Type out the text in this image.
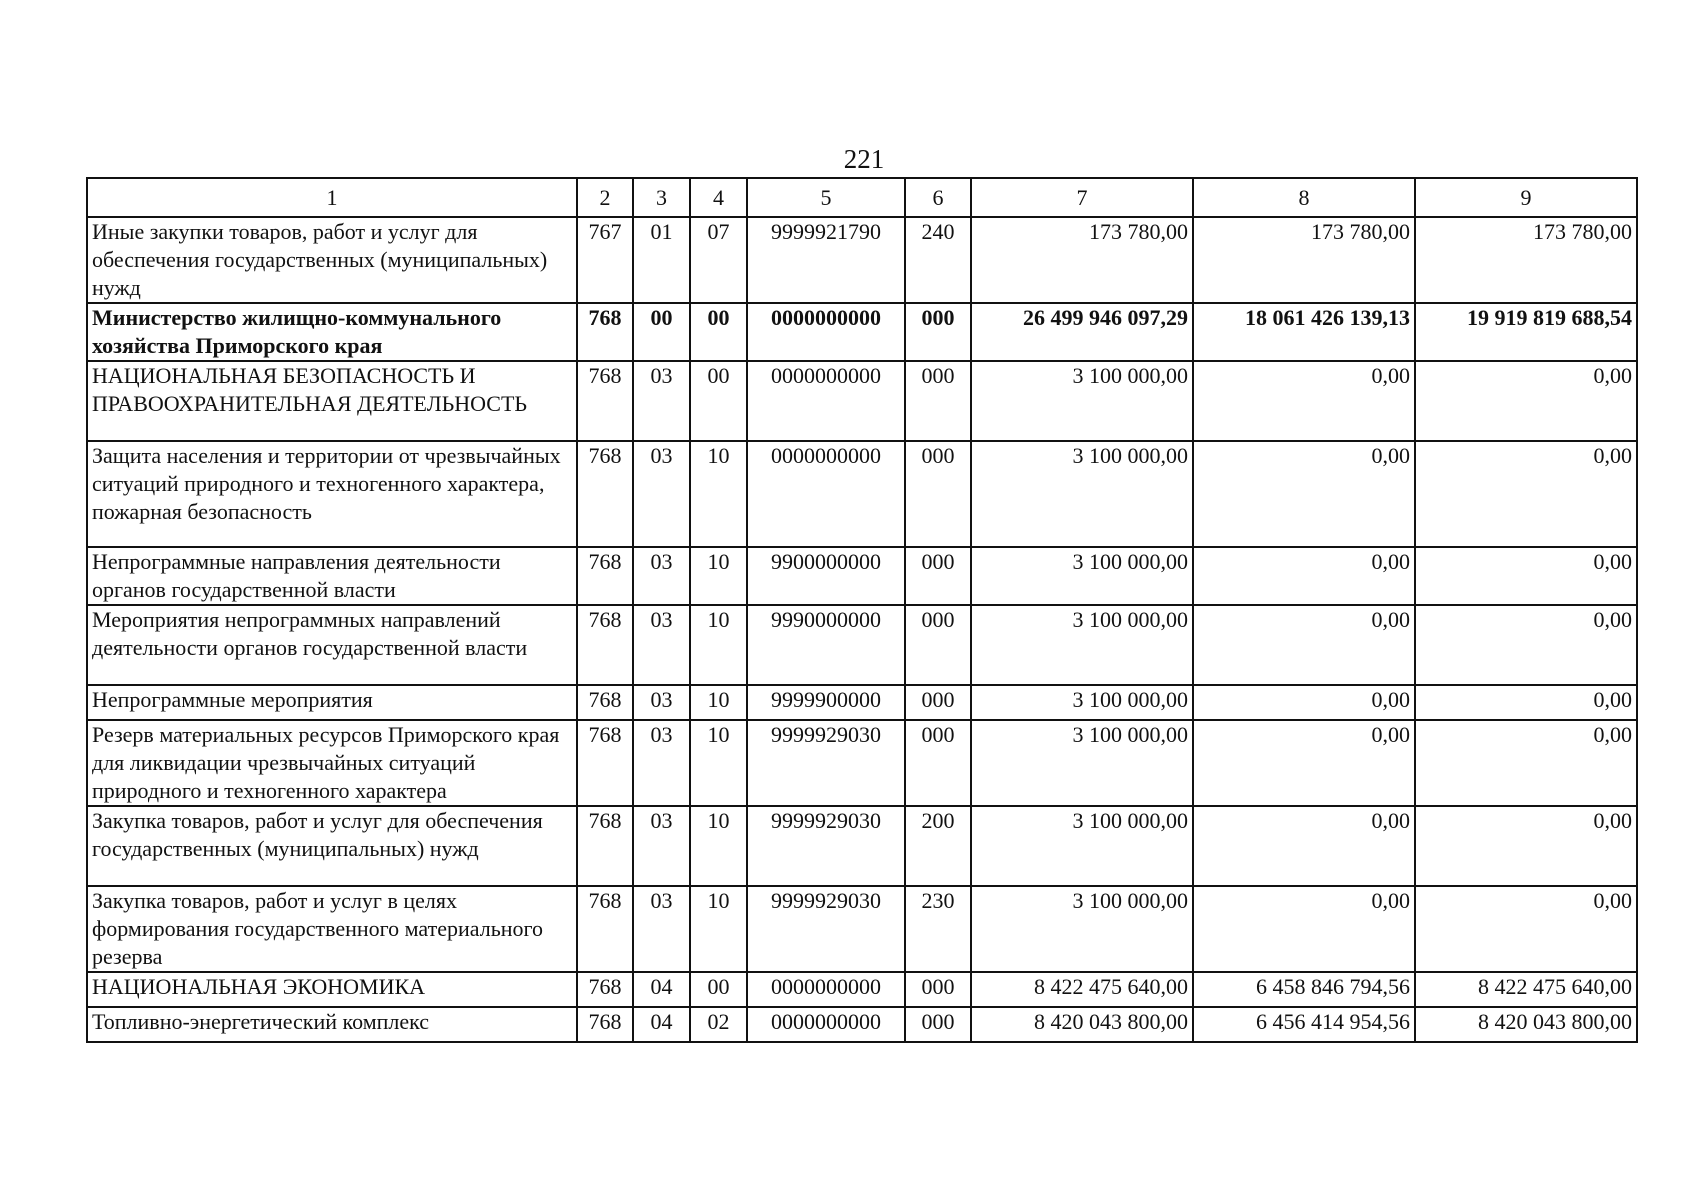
221
1	2	3	4	5	6	7	8	9
Иные закупки товаров, работ и услуг для обеспечения государственных (муниципальных) нужд	767	01	07	9999921790	240	173 780,00	173 780,00	173 780,00
Министерство жилищно-коммунального хозяйства Приморского края	768	00	00	0000000000	000	26 499 946 097,29	18 061 426 139,13	19 919 819 688,54
НАЦИОНАЛЬНАЯ БЕЗОПАСНОСТЬ И ПРАВООХРАНИТЕЛЬНАЯ ДЕЯТЕЛЬНОСТЬ	768	03	00	0000000000	000	3 100 000,00	0,00	0,00
Защита населения и территории от чрезвычайных ситуаций природного и техногенного характера, пожарная безопасность	768	03	10	0000000000	000	3 100 000,00	0,00	0,00
Непрограммные направления деятельности органов государственной власти	768	03	10	9900000000	000	3 100 000,00	0,00	0,00
Мероприятия непрограммных направлений деятельности органов государственной власти	768	03	10	9990000000	000	3 100 000,00	0,00	0,00
Непрограммные мероприятия	768	03	10	9999900000	000	3 100 000,00	0,00	0,00
Резерв материальных ресурсов Приморского края для ликвидации чрезвычайных ситуаций природного и техногенного характера	768	03	10	9999929030	000	3 100 000,00	0,00	0,00
Закупка товаров, работ и услуг для обеспечения государственных (муниципальных) нужд	768	03	10	9999929030	200	3 100 000,00	0,00	0,00
Закупка товаров, работ и услуг в целях формирования государственного материального резерва	768	03	10	9999929030	230	3 100 000,00	0,00	0,00
НАЦИОНАЛЬНАЯ ЭКОНОМИКА	768	04	00	0000000000	000	8 422 475 640,00	6 458 846 794,56	8 422 475 640,00
Топливно-энергетический комплекс	768	04	02	0000000000	000	8 420 043 800,00	6 456 414 954,56	8 420 043 800,00
